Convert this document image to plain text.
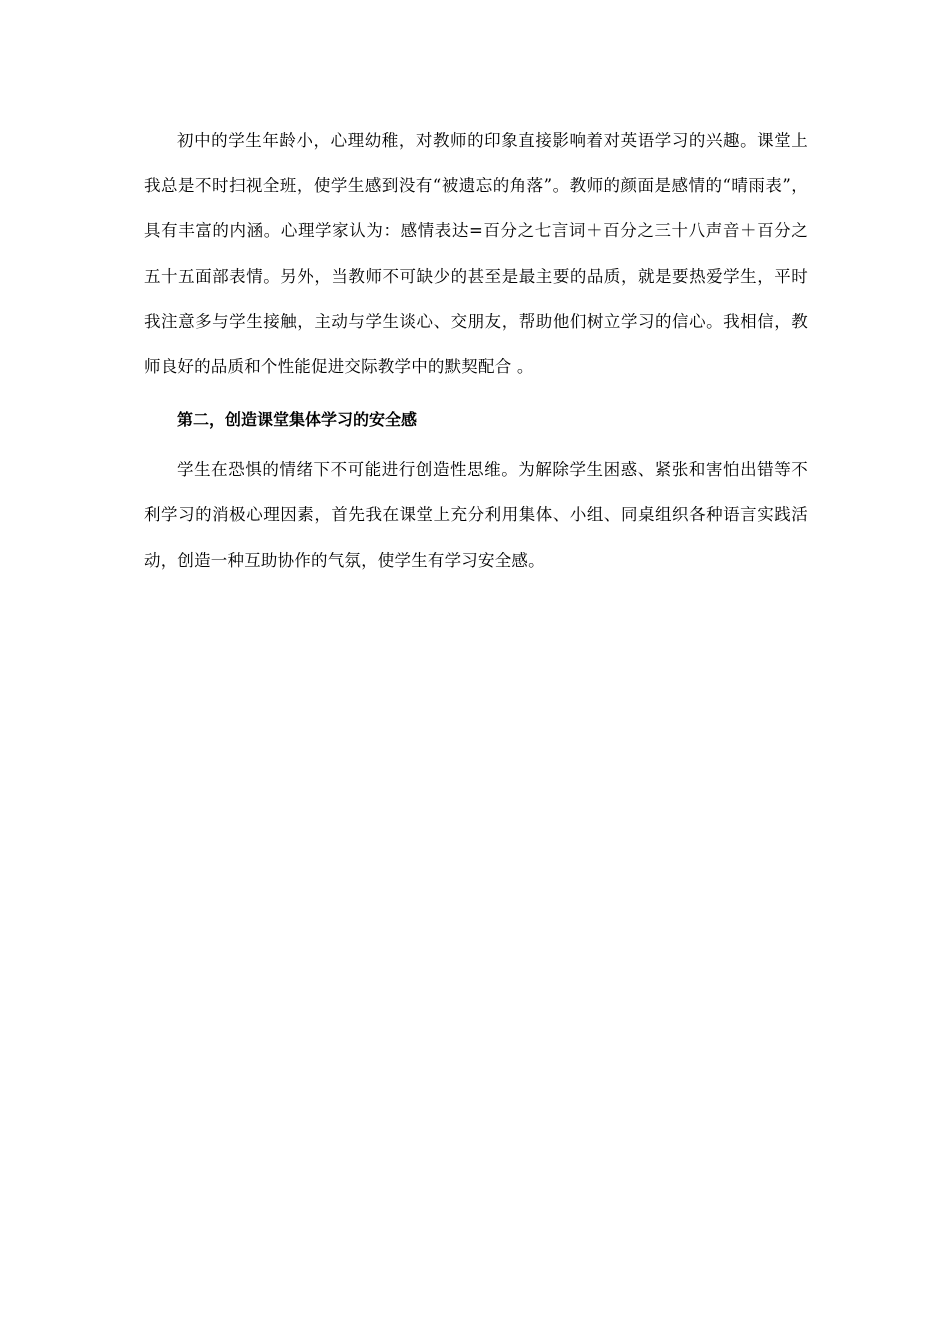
初中的学生年龄小，心理幼稚，对教师的印象直接影响着对英语学习的兴趣。课堂上我总是不时扫视全班，使学生感到没有“被遗忘的角落”。教师的颜面是感情的“晴雨表”，具有丰富的内涵。心理学家认为：感情表达=百分之七言词＋百分之三十八声音＋百分之五十五面部表情。另外，当教师不可缺少的甚至是最主要的品质，就是要热爱学生，平时我注意多与学生接触，主动与学生谈心、交朋友，帮助他们树立学习的信心。我相信，教师良好的品质和个性能促进交际教学中的默契配合 。

第二，创造课堂集体学习的安全感

学生在恐惧的情绪下不可能进行创造性思维。为解除学生困惑、紧张和害怕出错等不利学习的消极心理因素，首先我在课堂上充分利用集体、小组、同桌组织各种语言实践活动，创造一种互助协作的气氛，使学生有学习安全感。
